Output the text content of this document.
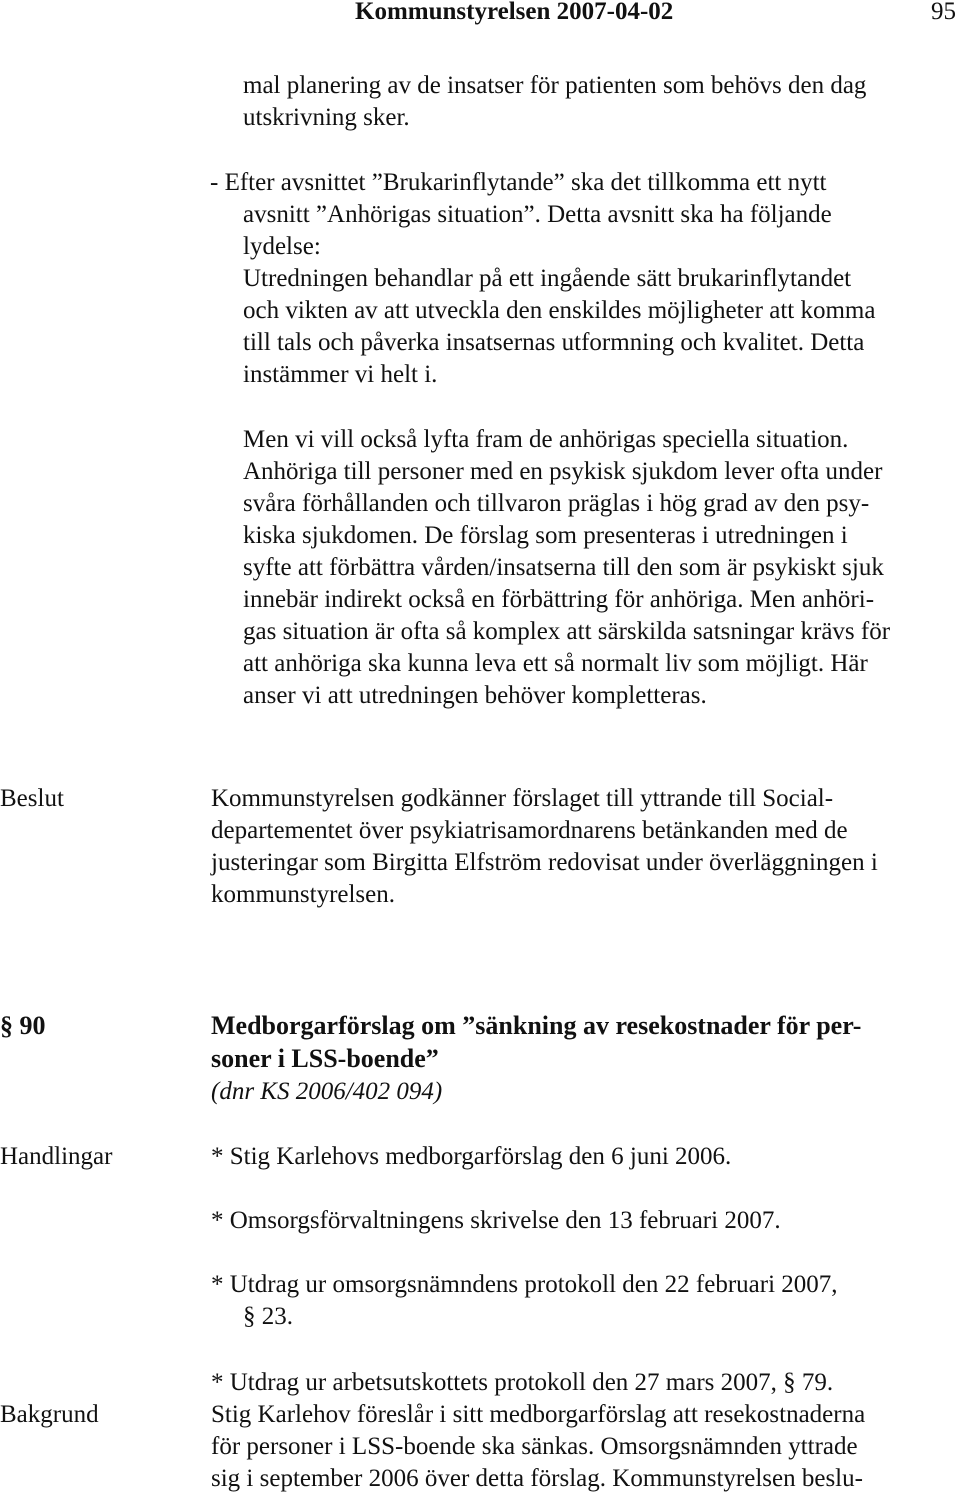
Kommunstyrelsen 2007-04-02	95
mal planering av de insatser för patienten som behövs den dag
utskrivning sker.
- Efter avsnittet ”Brukarinflytande” ska det tillkomma ett nytt
avsnitt ”Anhörigas situation”. Detta avsnitt ska ha följande
lydelse:
Utredningen behandlar på ett ingående sätt brukarinflytandet
och vikten av att utveckla den enskildes möjligheter att komma
till tals och påverka insatsernas utformning och kvalitet. Detta
instämmer vi helt i.
Men vi vill också lyfta fram de anhörigas speciella situation.
Anhöriga till personer med en psykisk sjukdom lever ofta under
svåra förhållanden och tillvaron präglas i hög grad av den psy-
kiska sjukdomen. De förslag som presenteras i utredningen i
syfte att förbättra vården/insatserna till den som är psykiskt sjuk
innebär indirekt också en förbättring för anhöriga. Men anhöri-
gas situation är ofta så komplex att särskilda satsningar krävs för
att anhöriga ska kunna leva ett så normalt liv som möjligt. Här
anser vi att utredningen behöver kompletteras.
Beslut	Kommunstyrelsen godkänner förslaget till yttrande till Social-
departementet över psykiatrisamordnarens betänkanden med de
justeringar som Birgitta Elfström redovisat under överläggningen i
kommunstyrelsen.
§ 90	Medborgarförslag om ”sänkning av resekostnader för per-
soner i LSS-boende”
(dnr KS 2006/402 094)
Handlingar	* Stig Karlehovs medborgarförslag den 6 juni 2006.
* Omsorgsförvaltningens skrivelse den 13 februari 2007.
* Utdrag ur omsorgsnämndens protokoll den 22 februari 2007,
§ 23.
* Utdrag ur arbetsutskottets protokoll den 27 mars 2007, § 79.
Bakgrund	Stig Karlehov föreslår i sitt medborgarförslag att resekostnaderna
för personer i LSS-boende ska sänkas. Omsorgsnämnden yttrade
sig i september 2006 över detta förslag. Kommunstyrelsen beslu-
